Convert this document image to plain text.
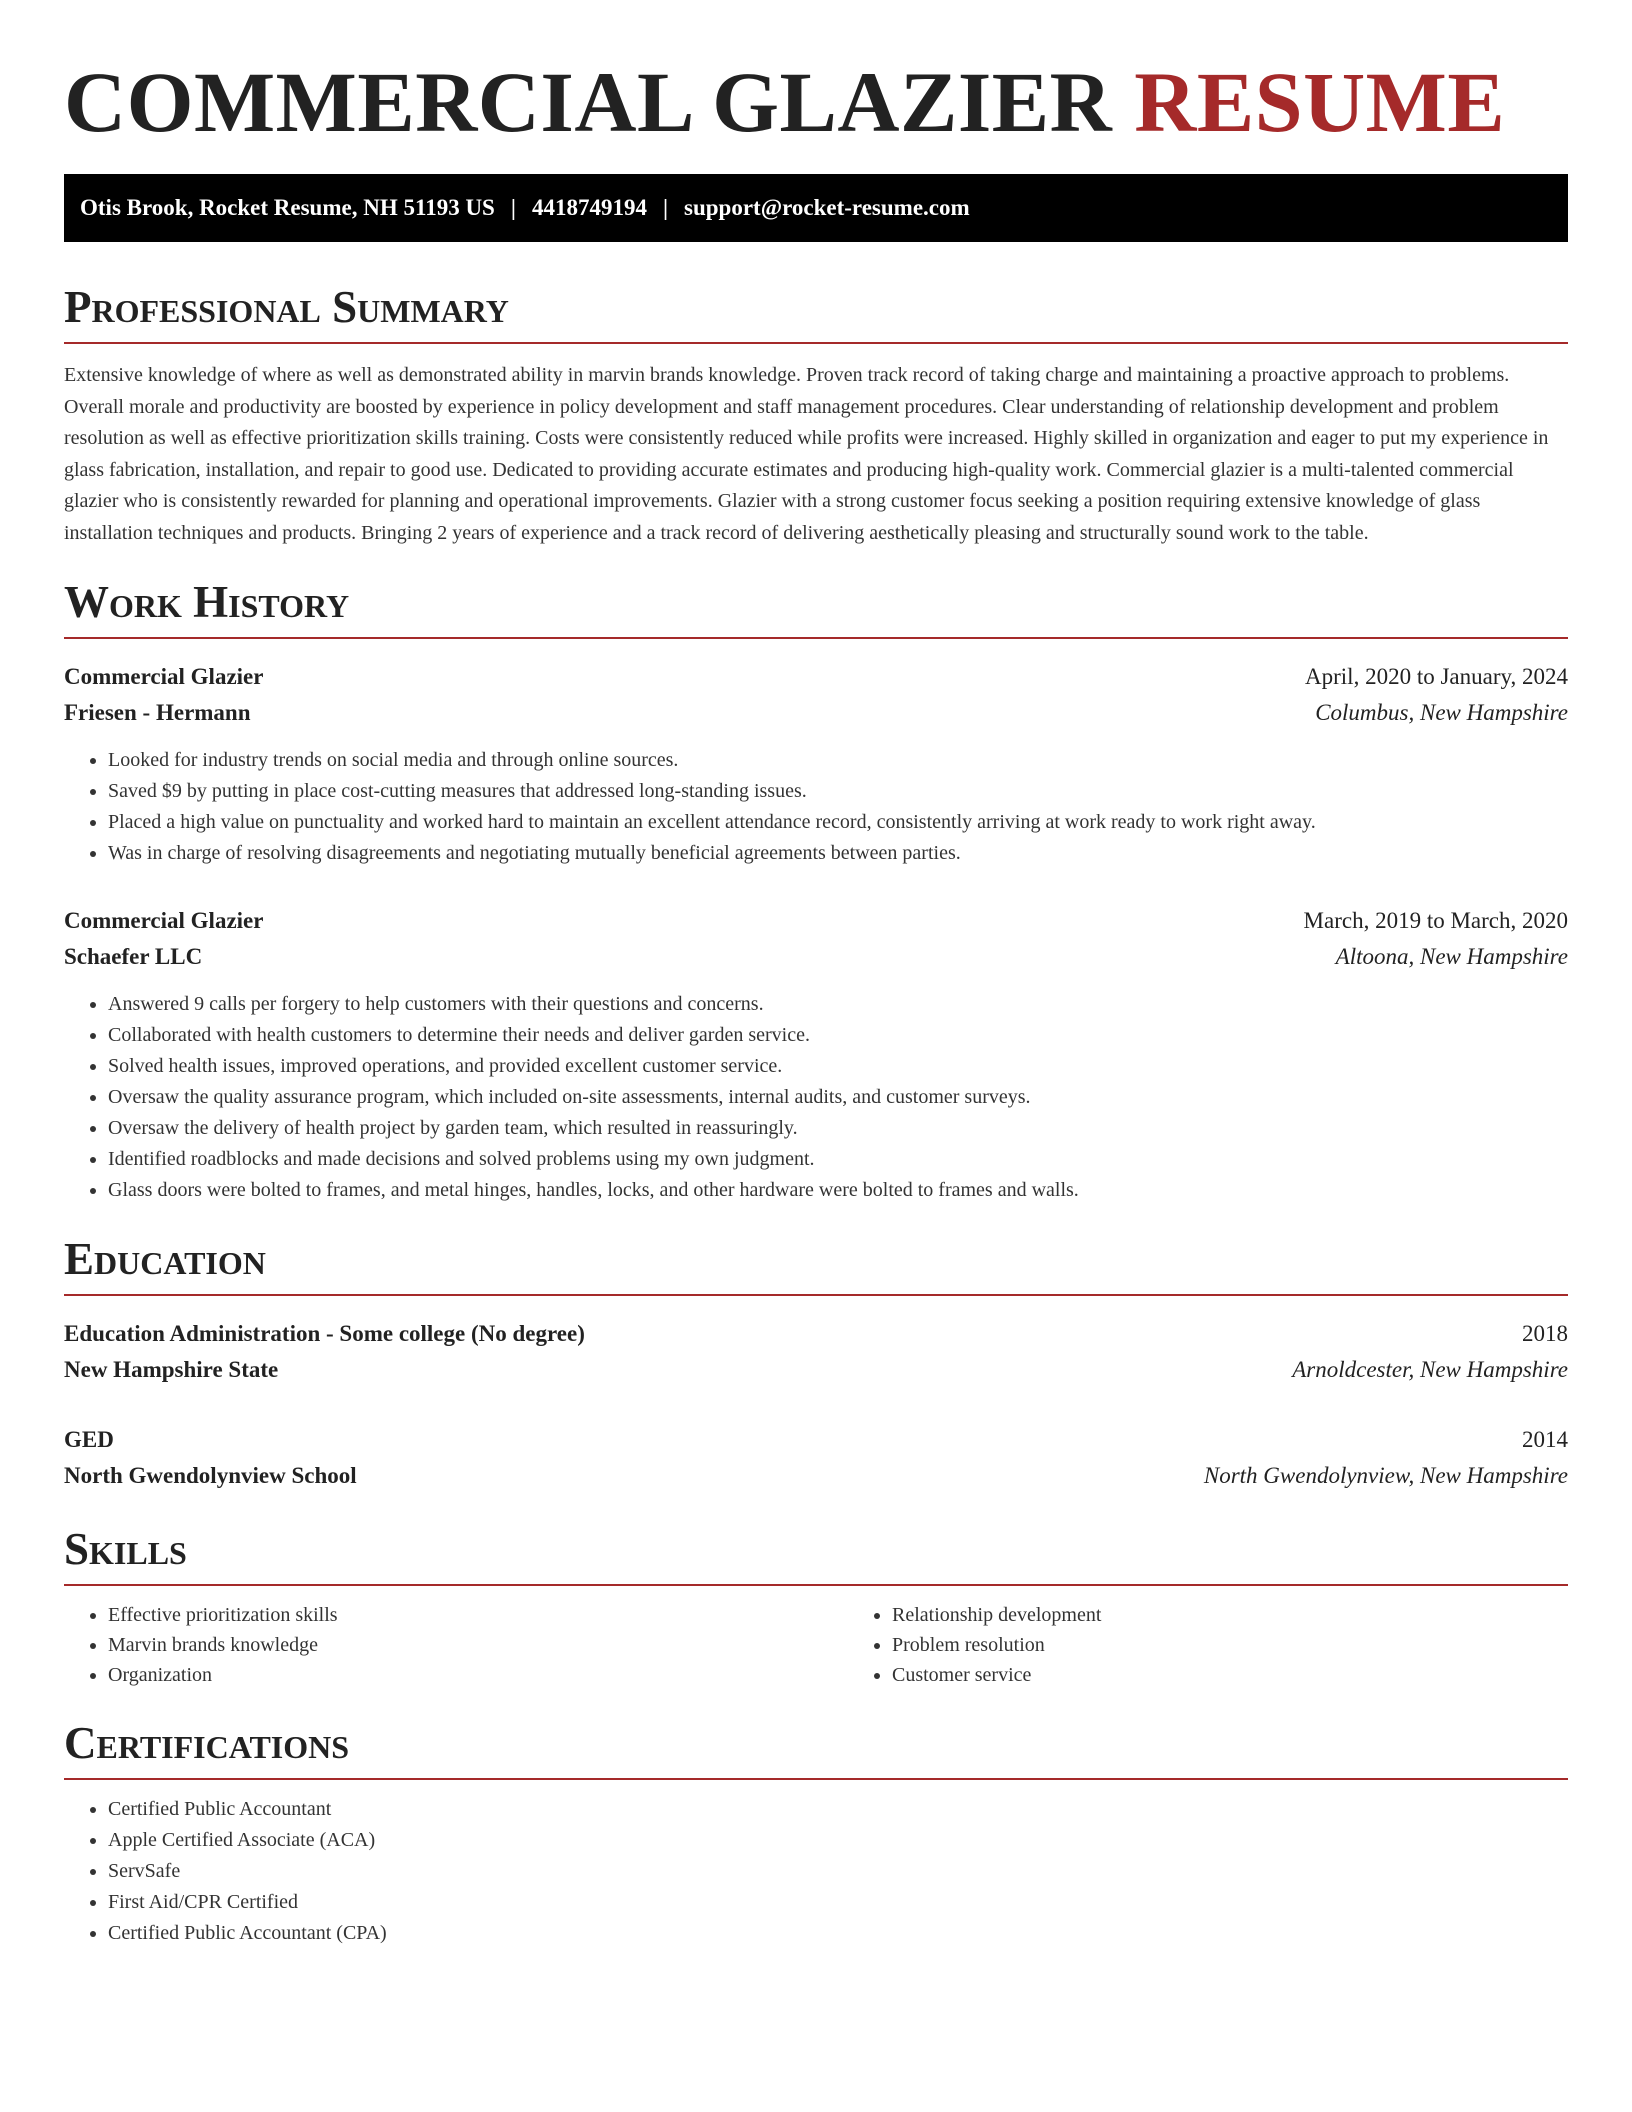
COMMERCIAL GLAZIER RESUME
Otis Brook, Rocket Resume, NH 51193 US | 4418749194 | support@rocket-resume.com
Professional Summary

Extensive knowledge of where as well as demonstrated ability in marvin brands knowledge. Proven track record of taking charge and maintaining a proactive approach to problems. Overall morale and productivity are boosted by experience in policy development and staff management procedures. Clear understanding of relationship development and problem resolution as well as effective prioritization skills training. Costs were consistently reduced while profits were increased. Highly skilled in organization and eager to put my experience in glass fabrication, installation, and repair to good use. Dedicated to providing accurate estimates and producing high-quality work. Commercial glazier is a multi-talented commercial glazier who is consistently rewarded for planning and operational improvements. Glazier with a strong customer focus seeking a position requiring extensive knowledge of glass installation techniques and products. Bringing 2 years of experience and a track record of delivering aesthetically pleasing and structurally sound work to the table.

Work History
Commercial Glazier	April, 2020 to January, 2024
Friesen - Hermann	Columbus, New Hampshire
• Looked for industry trends on social media and through online sources.
• Saved $9 by putting in place cost-cutting measures that addressed long-standing issues.
• Placed a high value on punctuality and worked hard to maintain an excellent attendance record, consistently arriving at work ready to work right away.
• Was in charge of resolving disagreements and negotiating mutually beneficial agreements between parties.
Commercial Glazier	March, 2019 to March, 2020
Schaefer LLC	Altoona, New Hampshire
• Answered 9 calls per forgery to help customers with their questions and concerns.
• Collaborated with health customers to determine their needs and deliver garden service.
• Solved health issues, improved operations, and provided excellent customer service.
• Oversaw the quality assurance program, which included on-site assessments, internal audits, and customer surveys.
• Oversaw the delivery of health project by garden team, which resulted in reassuringly.
• Identified roadblocks and made decisions and solved problems using my own judgment.
• Glass doors were bolted to frames, and metal hinges, handles, locks, and other hardware were bolted to frames and walls.
Education
Education Administration - Some college (No degree)	2018
New Hampshire State	Arnoldcester, New Hampshire
GED	2014
North Gwendolynview School	North Gwendolynview, New Hampshire
Skills
• Effective prioritization skills
• Marvin brands knowledge
• Organization
• Relationship development
• Problem resolution
• Customer service
Certifications
• Certified Public Accountant
• Apple Certified Associate (ACA)
• ServSafe
• First Aid/CPR Certified
• Certified Public Accountant (CPA)
